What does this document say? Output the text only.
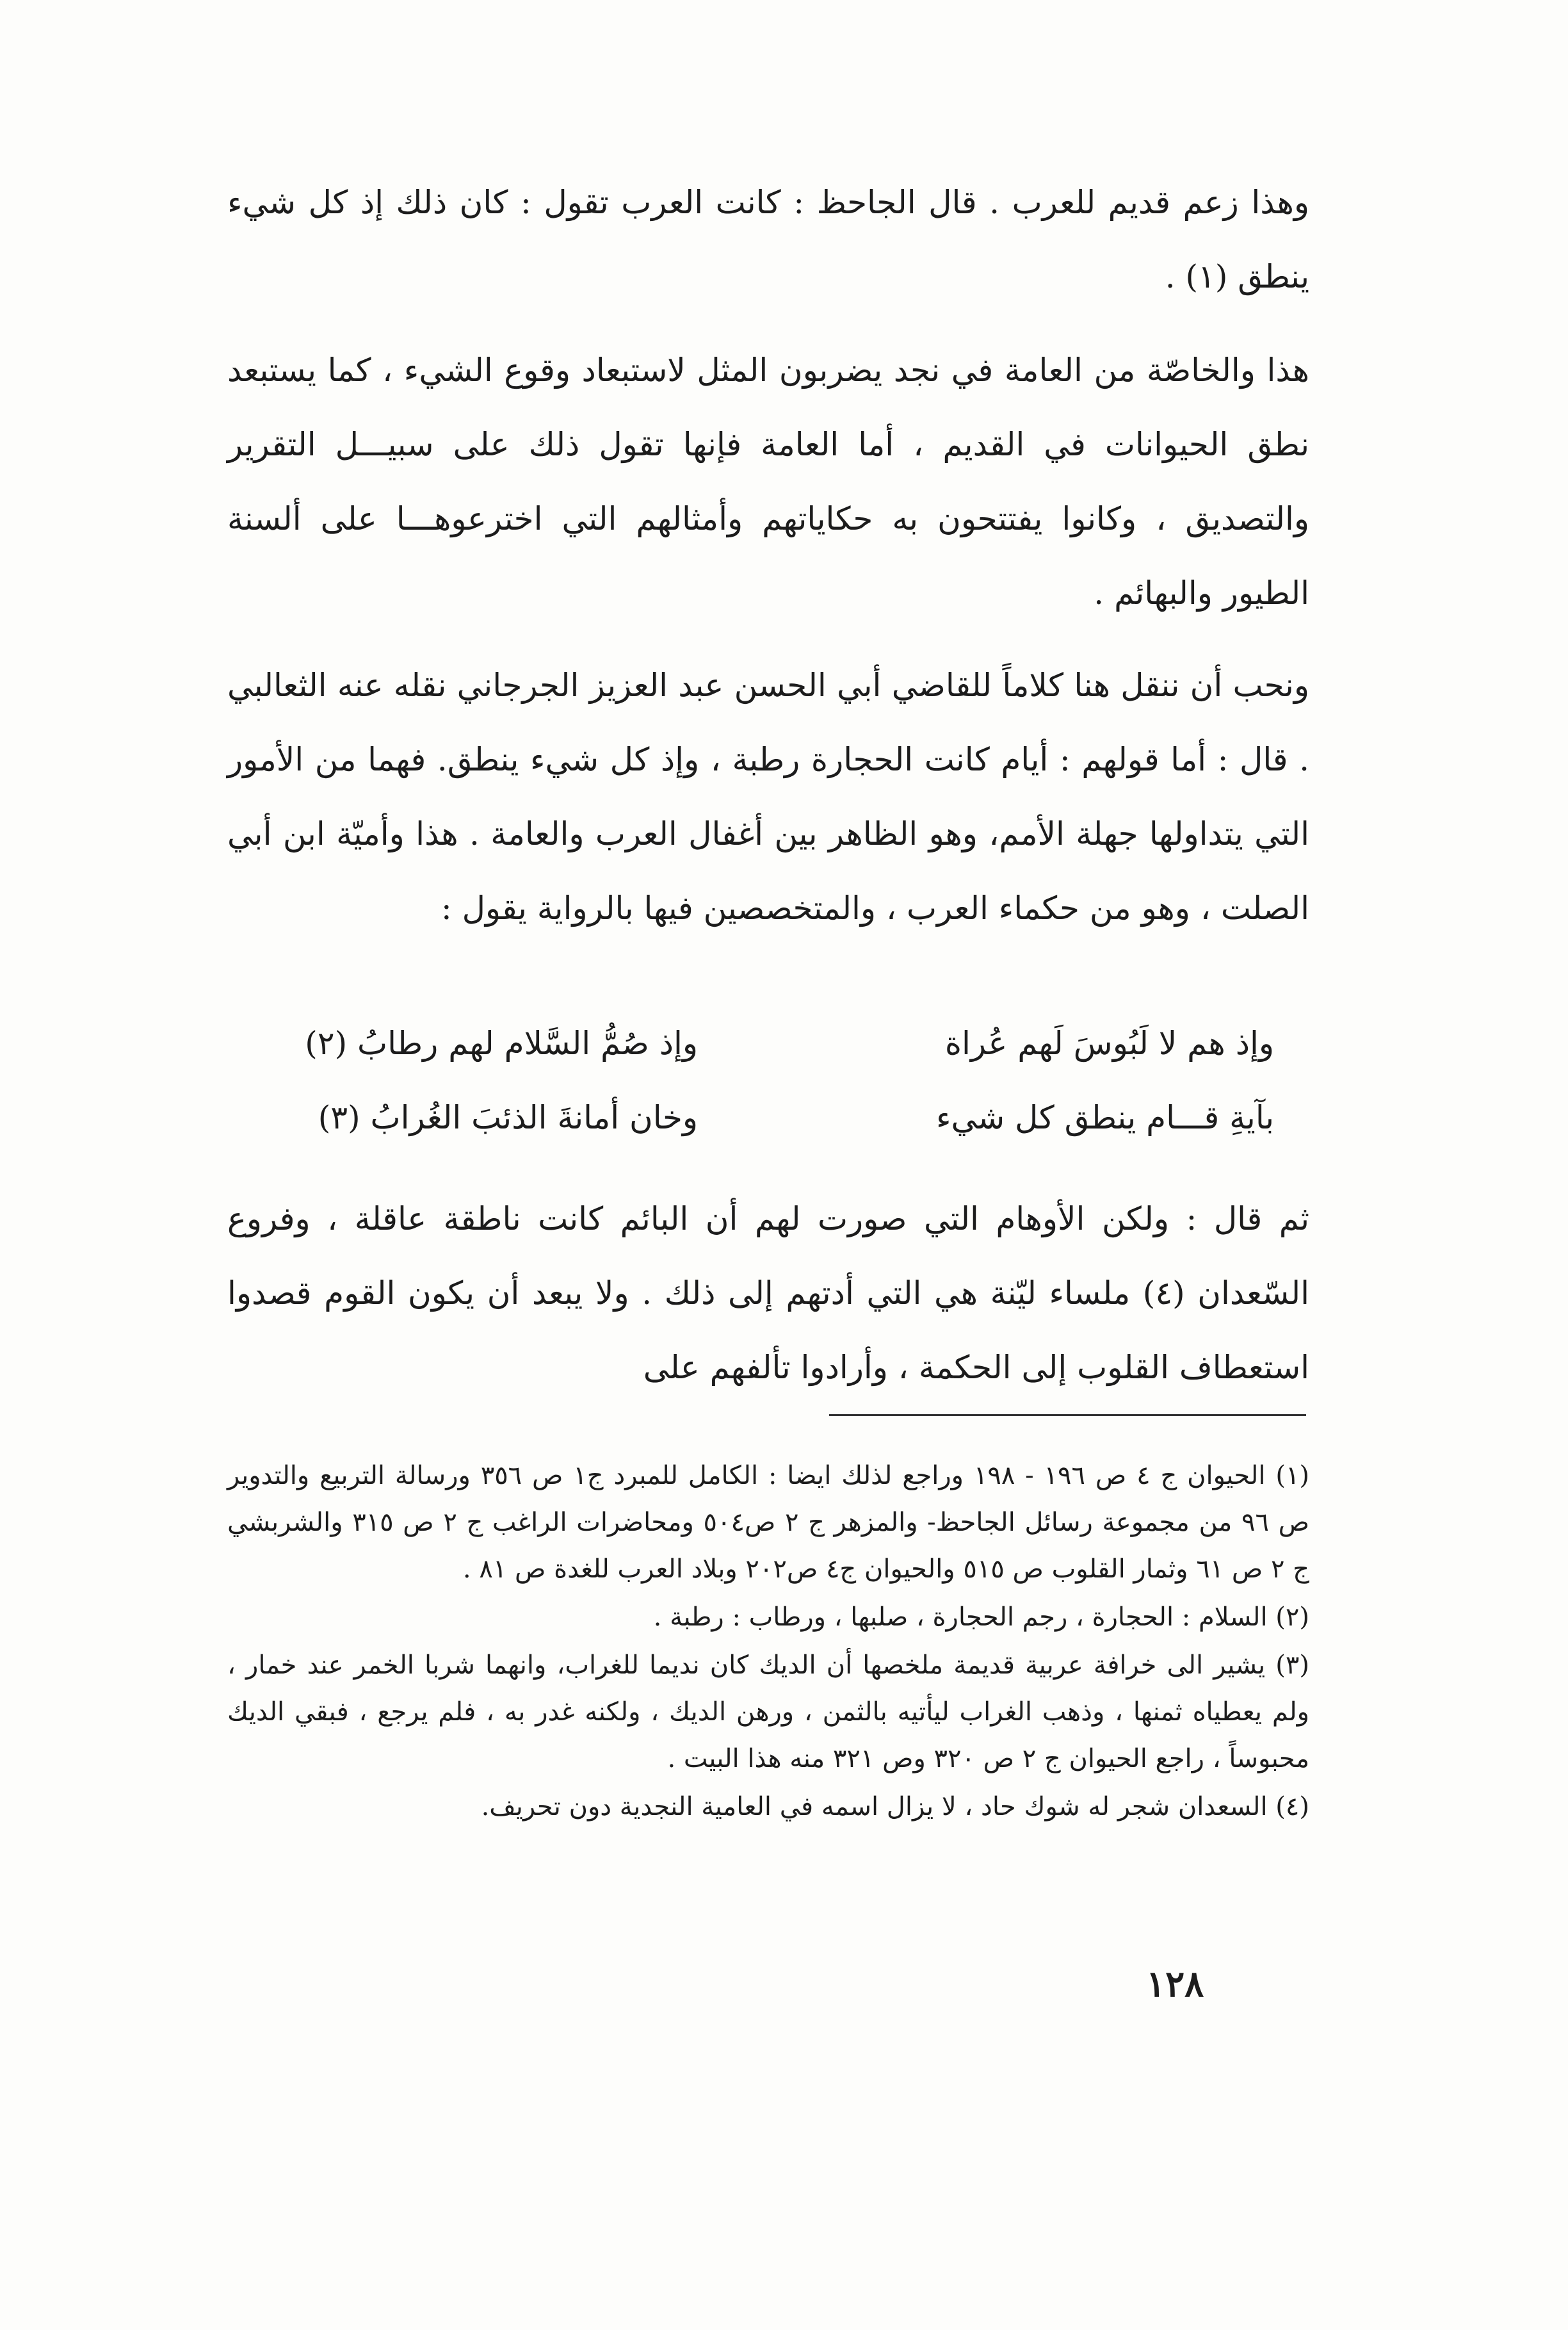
وهذا زعم قديم للعرب . قال الجاحظ : كانت العرب تقول : كان ذلك إذ كل شيء ينطق (١) .

هذا والخاصّة من العامة في نجد يضربون المثل لاستبعاد وقوع الشيء ، كما يستبعد نطق الحيوانات في القديم ، أما العامة فإنها تقول ذلك على سبيـــل التقرير والتصديق ، وكانوا يفتتحون به حكاياتهم وأمثالهم التي اخترعوهـــا على ألسنة الطيور والبهائم .

ونحب أن ننقل هنا كلاماً للقاضي أبي الحسن عبد العزيز الجرجاني نقله عنه الثعالبي . قال : أما قولهم : أيام كانت الحجارة رطبة ، وإذ كل شيء ينطق. فهما من الأمور التي يتداولها جهلة الأمم، وهو الظاهر بين أغفال العرب والعامة . هذا وأميّة ابن أبي الصلت ، وهو من حكماء العرب ، والمتخصصين فيها بالرواية يقول :

وإذ هم لا لَبُوسَ لَهم عُراة
وإذ صُمُّ السَّلام لهم رطابُ (٢)
بآيةِ قـــام ينطق كل شيء
وخان أمانةَ الذئبَ الغُرابُ (٣)

ثم قال : ولكن الأوهام التي صورت لهم أن البائم كانت ناطقة عاقلة ، وفروع السّعدان (٤) ملساء ليّنة هي التي أدتهم إلى ذلك . ولا يبعد أن يكون القوم قصدوا استعطاف القلوب إلى الحكمة ، وأرادوا تألفهم على

(١) الحيوان ج ٤ ص ١٩٦ - ١٩٨ وراجع لذلك ايضا : الكامل للمبرد ج١ ص ٣٥٦ ورسالة التربيع والتدوير ص ٩٦ من مجموعة رسائل الجاحظ- والمزهر ج ٢ ص٥٠٤ ومحاضرات الراغب ج ٢ ص ٣١٥ والشربشي ج ٢ ص ٦١ وثمار القلوب ص ٥١٥ والحيوان ج٤ ص٢٠٢ وبلاد العرب للغدة ص ٨١ .

(٢) السلام : الحجارة ، رجم الحجارة ، صلبها ، ورطاب : رطبة .

(٣) يشير الى خرافة عربية قديمة ملخصها أن الديك كان نديما للغراب، وانهما شربا الخمر عند خمار ، ولم يعطياه ثمنها ، وذهب الغراب ليأتيه بالثمن ، ورهن الديك ، ولكنه غدر به ، فلم يرجع ، فبقي الديك محبوساً ، راجع الحيوان ج ٢ ص ٣٢٠ وص ٣٢١ منه هذا البيت .

(٤) السعدان شجر له شوك حاد ، لا يزال اسمه في العامية النجدية دون تحريف.

١٢٨
